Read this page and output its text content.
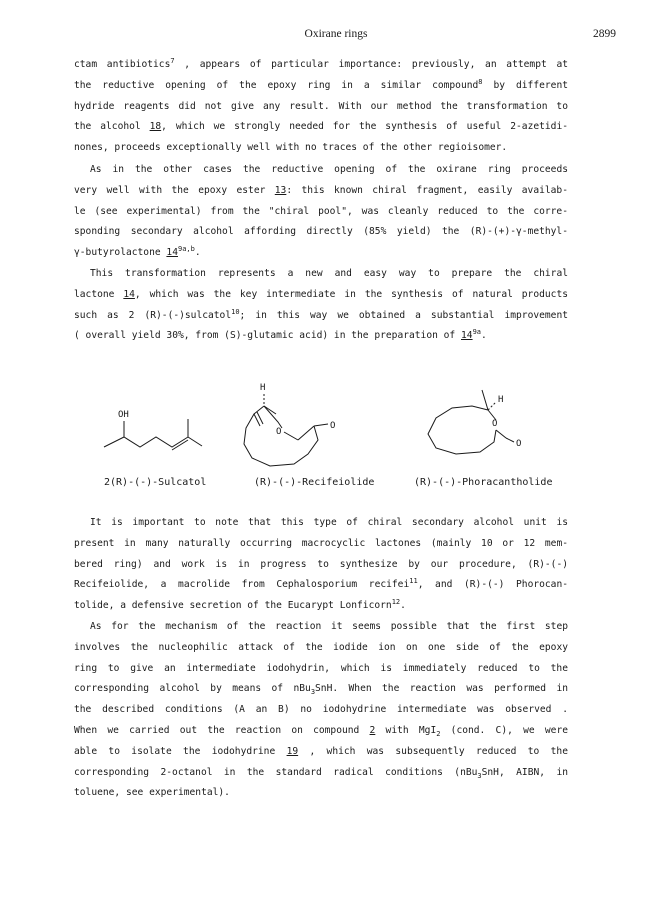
Oxirane rings	2899
ctam antibiotics$^7$ , appears of particular importance: previously, an attempt at
the reductive opening of the epoxy ring in a similar compound$^8$ by different
hydride reagents did not give any result. With our method the transformation to
the alcohol 18, which we strongly needed for the synthesis of useful 2-azetidi-
nones, proceeds exceptionally well with no traces of the other regioisomer.
As in the other cases the reductive opening of the oxirane ring proceeds
very well with the epoxy ester 13: this known chiral fragment, easily availab-
le (see experimental) from the "chiral pool", was cleanly reduced to the corre-
sponding secondary alcohol affording directly (85% yield) the (R)-(+)-γ-methyl-
γ-butyrolactone $14^{9a,b}$.
This transformation represents a new and easy way to prepare the chiral
lactone 14, which was the key intermediate in the synthesis of natural products
such as 2 (R)-(-)sulcatol$^{10}$; in this way we obtained a substantial improvement
( overall yield 30%, from (S)-glutamic acid) in the preparation of $14^{9a}$.
OH
H
O
O
H
O
O
2(R)-(-)-Sulcatol	(R)-(-)-Recifeiolide	(R)-(-)-Phoracantholide
It is important to note that this type of chiral secondary alcohol unit is
present in many naturally occurring macrocyclic lactones (mainly 10 or 12 mem-
bered ring) and work is in progress to synthesize by our procedure, (R)-(-)
Recifeiolide, a macrolide from Cephalosporium recifei$^{11}$, and (R)-(-) Phorocan-
tolide, a defensive secretion of the Eucarypt Lonficorn$^{12}$.
As for the mechanism of the reaction it seems possible that the first step
involves the nucleophilic attack of the iodide ion on one side of the epoxy
ring to give an intermediate iodohydrin, which is immediately reduced to the
corresponding alcohol by means of nBu$_3$SnH. When the reaction was performed in
the described conditions (A an B) no iodohydrine intermediate was observed .
When we carried out the reaction on compound 2 with MgI$_2$ (cond. C), we were
able to isolate the iodohydrine 19 , which was subsequently reduced to the
corresponding 2-octanol in the standard radical conditions (nBu$_3$SnH, AIBN, in
toluene, see experimental).
